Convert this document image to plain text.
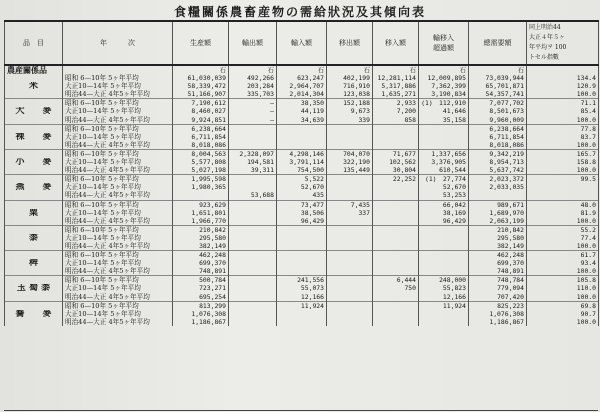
食糧關係農畜産物の需給狀況及其傾向表
品　目	年　　　次	生産額	輸出額	輸入額	移出額	移入額	輸移入
超過額	總需要額	同上明治44
大正４年５ヶ
年平均ヲ 100
トセル指數

農産關係品		石	石	石	石	石	石	石	
	昭和 6—10年 5ヶ年平均	61,030,039	492,266	623,247	402,199	12,281,114	12,009,895	73,039,944	134.4
米	大正10—14年 5ヶ年平均	58,339,472	203,284	2,964,707	716,910	5,317,886	7,362,399	65,701,871	120.9
	明治44—大正 4年5ヶ年平均	51,166,907	335,703	2,014,304	123,038	1,635,271	3,190,834	54,357,741	100.0
	昭和 6—10年 5ヶ年平均	7,190,612	—	38,350	152,188	2,933	(1)　112,910	7,077,702	71.1
大　　麥	大正10—14年 5ヶ年平均	8,460,027	—	44,119	9,673	7,200	41,646	8,501,673	85.4
	明治44—大正 4年5ヶ年平均	9,924,851	—	34,639	339	858	35,158	9,960,009	100.0
	昭和 6—10年 5ヶ年平均	6,238,664						6,238,664	77.8
裸　　麥	大正10—14年 5ヶ年平均	6,711,854						6,711,854	83.7
	明治44—大正 4年5ヶ年平均	8,018,086						8,018,086	100.0
	昭和 6—10年 5ヶ年平均	8,004,563	2,328,097	4,298,146	704,070	71,677	1,337,656	9,342,219	165.7
小　　麥	大正10—14年 5ヶ年平均	5,577,808	194,581	3,791,114	322,190	102,562	3,376,905	8,954,713	158.8
	明治44—大正 4年5ヶ年平均	5,027,198	39,311	754,500	135,449	30,804	610,544	5,637,742	100.0
	昭和 6—10年 5ヶ年平均	1,995,598		5,522		22,252	(1)　27,774	2,023,372	99.5
燕　　麥	大正10—14年 5ヶ年平均	1,980,365		52,670			52,670	2,033,035	
	明治44—大正 4年5ヶ年平均		53,688	435			53,253		
	昭和 6—10年 5ヶ年平均	923,629		73,477	7,435		66,042	989,671	48.0
粟	大正10—14年 5ヶ年平均	1,651,801		38,506	337		38,169	1,689,970	81.9
	明治44—大正 4年5ヶ年平均	1,966,770		96,429			96,429	2,063,199	100.0
	昭和 6—10年 5ヶ年平均	210,842						210,842	55.2
黍	大正10—14年 5ヶ年平均	295,580						295,580	77.4
	明治44—大正 4年5ヶ年平均	382,149						382,149	100.0
	昭和 6—10年 5ヶ年平均	462,248						462,248	61.7
稗	大正10—14年 5ヶ年平均	699,370						699,370	93.4
	明治44—大正 4年5ヶ年平均	748,891						748,891	100.0
	昭和 6—10年 5ヶ年平均	500,784		241,556		6,444	248,000	748,784	105.8
玉 蜀 黍	大正10—14年 5ヶ年平均	723,271		55,073		750	55,823	779,094	110.0
	明治44—大正 4年5ヶ年平均	695,254		12,166			12,166	707,420	100.0
	昭和 6—10年 5ヶ年平均	813,299		11,924			11,924	825,223	69.8
蕎　　麥	大正10—14年 5ヶ年平均	1,076,308						1,076,308	90.7
	明治44—大正 4年5ヶ年平均	1,186,867						1,186,867	100.0
